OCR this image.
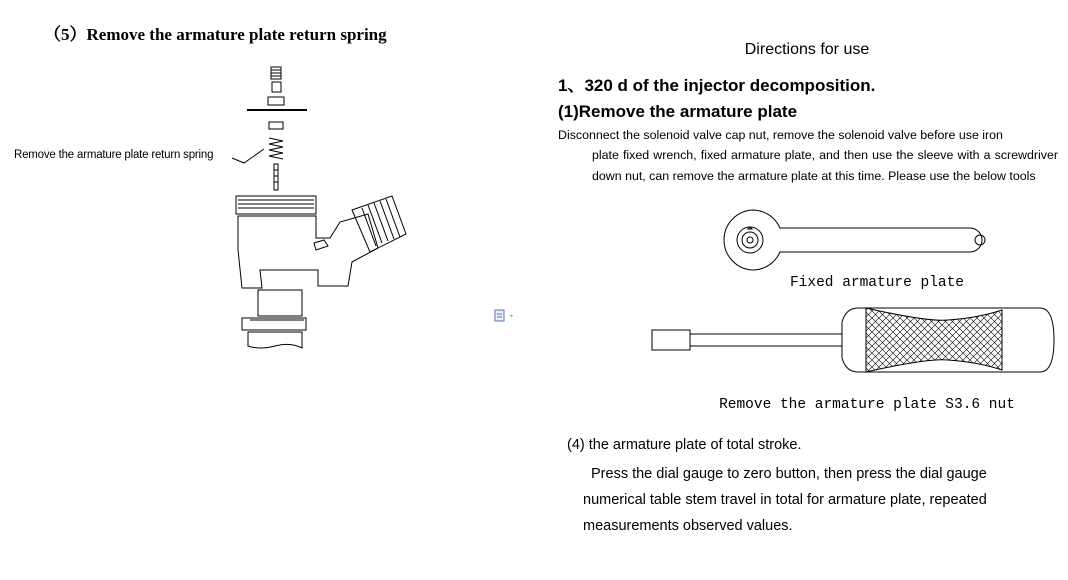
（5）Remove the armature plate return spring
Remove the armature plate return spring
Directions for use
1、320 d of the injector decomposition.
(1)Remove the armature plate
Disconnect the solenoid valve cap nut, remove the solenoid valve before use iron
plate fixed wrench, fixed armature plate, and then use the sleeve with a screwdriver down nut, can remove the armature plate at this time. Please use the below tools
Fixed armature plate
Remove the armature plate S3.6 nut
(4) the armature plate of total stroke.
Press the dial gauge to zero button, then press the dial gauge
numerical table stem travel in total for armature plate, repeated
measurements observed values.
